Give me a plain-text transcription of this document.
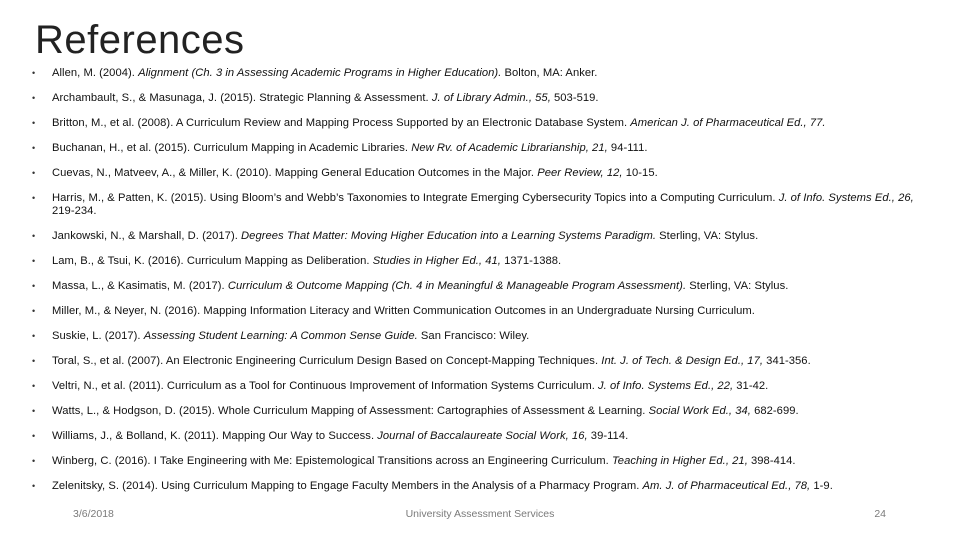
References
• Allen, M. (2004). Alignment (Ch. 3 in Assessing Academic Programs in Higher Education). Bolton, MA: Anker.
• Archambault, S., & Masunaga, J. (2015). Strategic Planning & Assessment. J. of Library Admin., 55, 503-519.
• Britton, M., et al. (2008). A Curriculum Review and Mapping Process Supported by an Electronic Database System. American J. of Pharmaceutical Ed., 77.
• Buchanan, H., et al. (2015). Curriculum Mapping in Academic Libraries. New Rv. of Academic Librarianship, 21, 94-111.
• Cuevas, N., Matveev, A., & Miller, K. (2010). Mapping General Education Outcomes in the Major. Peer Review, 12, 10-15.
• Harris, M., & Patten, K. (2015). Using Bloom’s and Webb’s Taxonomies to Integrate Emerging Cybersecurity Topics into a Computing Curriculum. J. of Info. Systems Ed., 26, 219-234.
• Jankowski, N., & Marshall, D. (2017). Degrees That Matter: Moving Higher Education into a Learning Systems Paradigm. Sterling, VA: Stylus.
• Lam, B., & Tsui, K. (2016). Curriculum Mapping as Deliberation. Studies in Higher Ed., 41, 1371-1388.
• Massa, L., & Kasimatis, M. (2017). Curriculum & Outcome Mapping (Ch. 4 in Meaningful & Manageable Program Assessment). Sterling, VA: Stylus.
• Miller, M., & Neyer, N. (2016). Mapping Information Literacy and Written Communication Outcomes in an Undergraduate Nursing Curriculum.
• Suskie, L. (2017). Assessing Student Learning: A Common Sense Guide. San Francisco: Wiley.
• Toral, S., et al. (2007). An Electronic Engineering Curriculum Design Based on Concept-Mapping Techniques. Int. J. of Tech. & Design Ed., 17, 341-356.
• Veltri, N., et al. (2011). Curriculum as a Tool for Continuous Improvement of Information Systems Curriculum. J. of Info. Systems Ed., 22, 31-42.
• Watts, L., & Hodgson, D. (2015). Whole Curriculum Mapping of Assessment: Cartographies of Assessment & Learning. Social Work Ed., 34, 682-699.
• Williams, J., & Bolland, K. (2011). Mapping Our Way to Success. Journal of Baccalaureate Social Work, 16, 39-114.
• Winberg, C. (2016). I Take Engineering with Me: Epistemological Transitions across an Engineering Curriculum. Teaching in Higher Ed., 21, 398-414.
• Zelenitsky, S. (2014). Using Curriculum Mapping to Engage Faculty Members in the Analysis of a Pharmacy Program. Am. J. of Pharmaceutical Ed., 78, 1-9.
3/6/2018	University Assessment Services	24
